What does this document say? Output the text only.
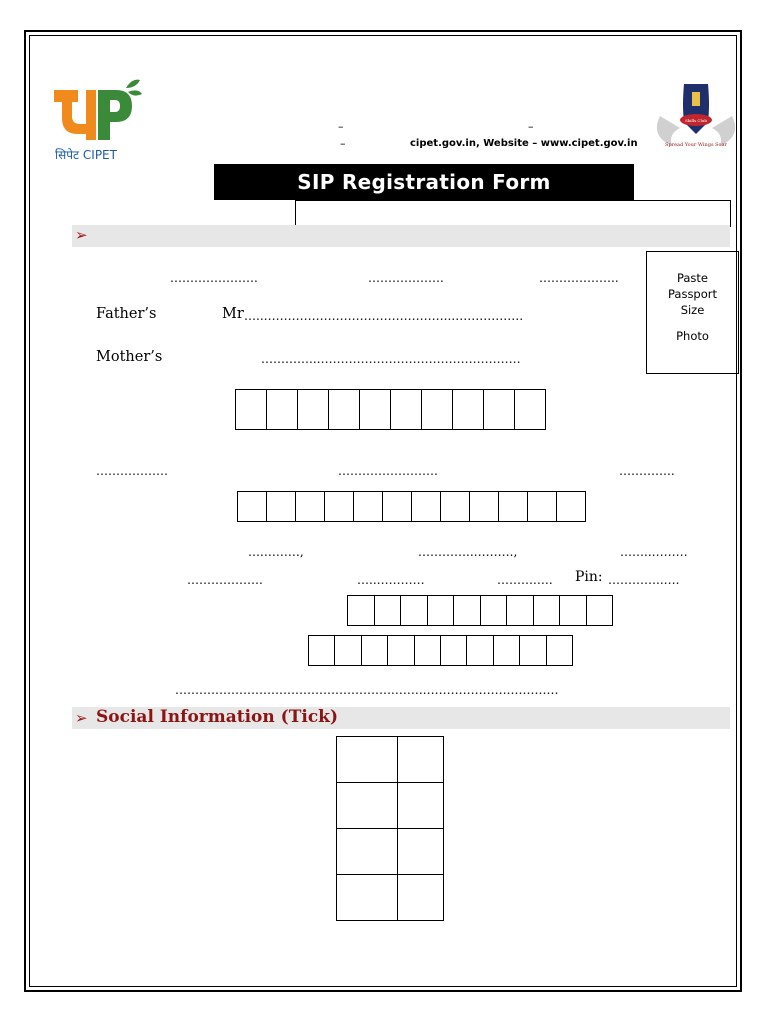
सिपेट CIPET
Skills Club
Spread Your Wings Soar
–	–
–	cipet.gov.in, Website – www.cipet.gov.in
SIP Registration Form
➢
Paste
Passport
Size
Photo
………………….	……………….	………………..
Father’s	Mr …..………………………………………..………………
Mother’s	…………..……………………………………………
………………	…………………….	…………..
….………,	…………..……….,	……..………
……………….	…..…………	……….…. Pin: …………..….
……………………………………………….…….………………….…………
➢ Social Information (Tick)
